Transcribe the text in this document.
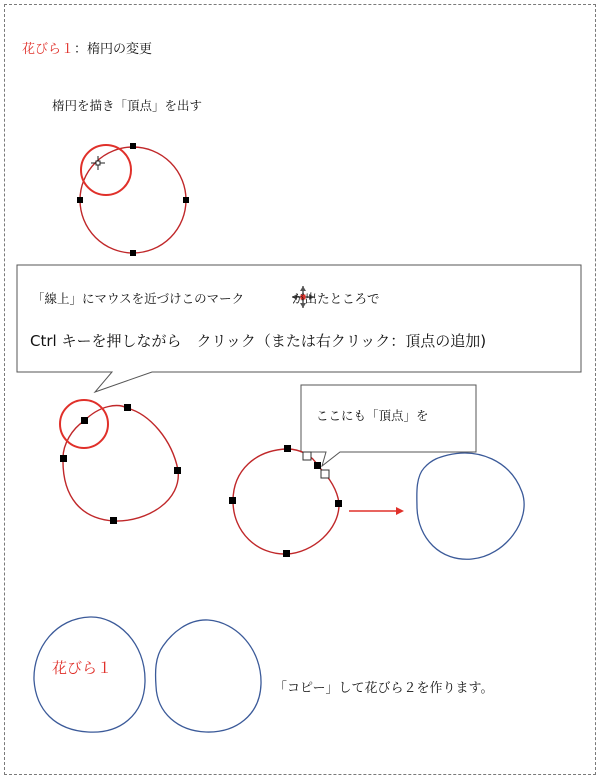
花びら１：楕円の変更
楕円を描き「頂点」を出す
「線上」にマウスを近づけこのマーク	が出たところで
Ctrl キーを押しながら　クリック（または右クリック：頂点の追加)
ここにも「頂点」を
花びら１
「コピー」して花びら２を作ります。
